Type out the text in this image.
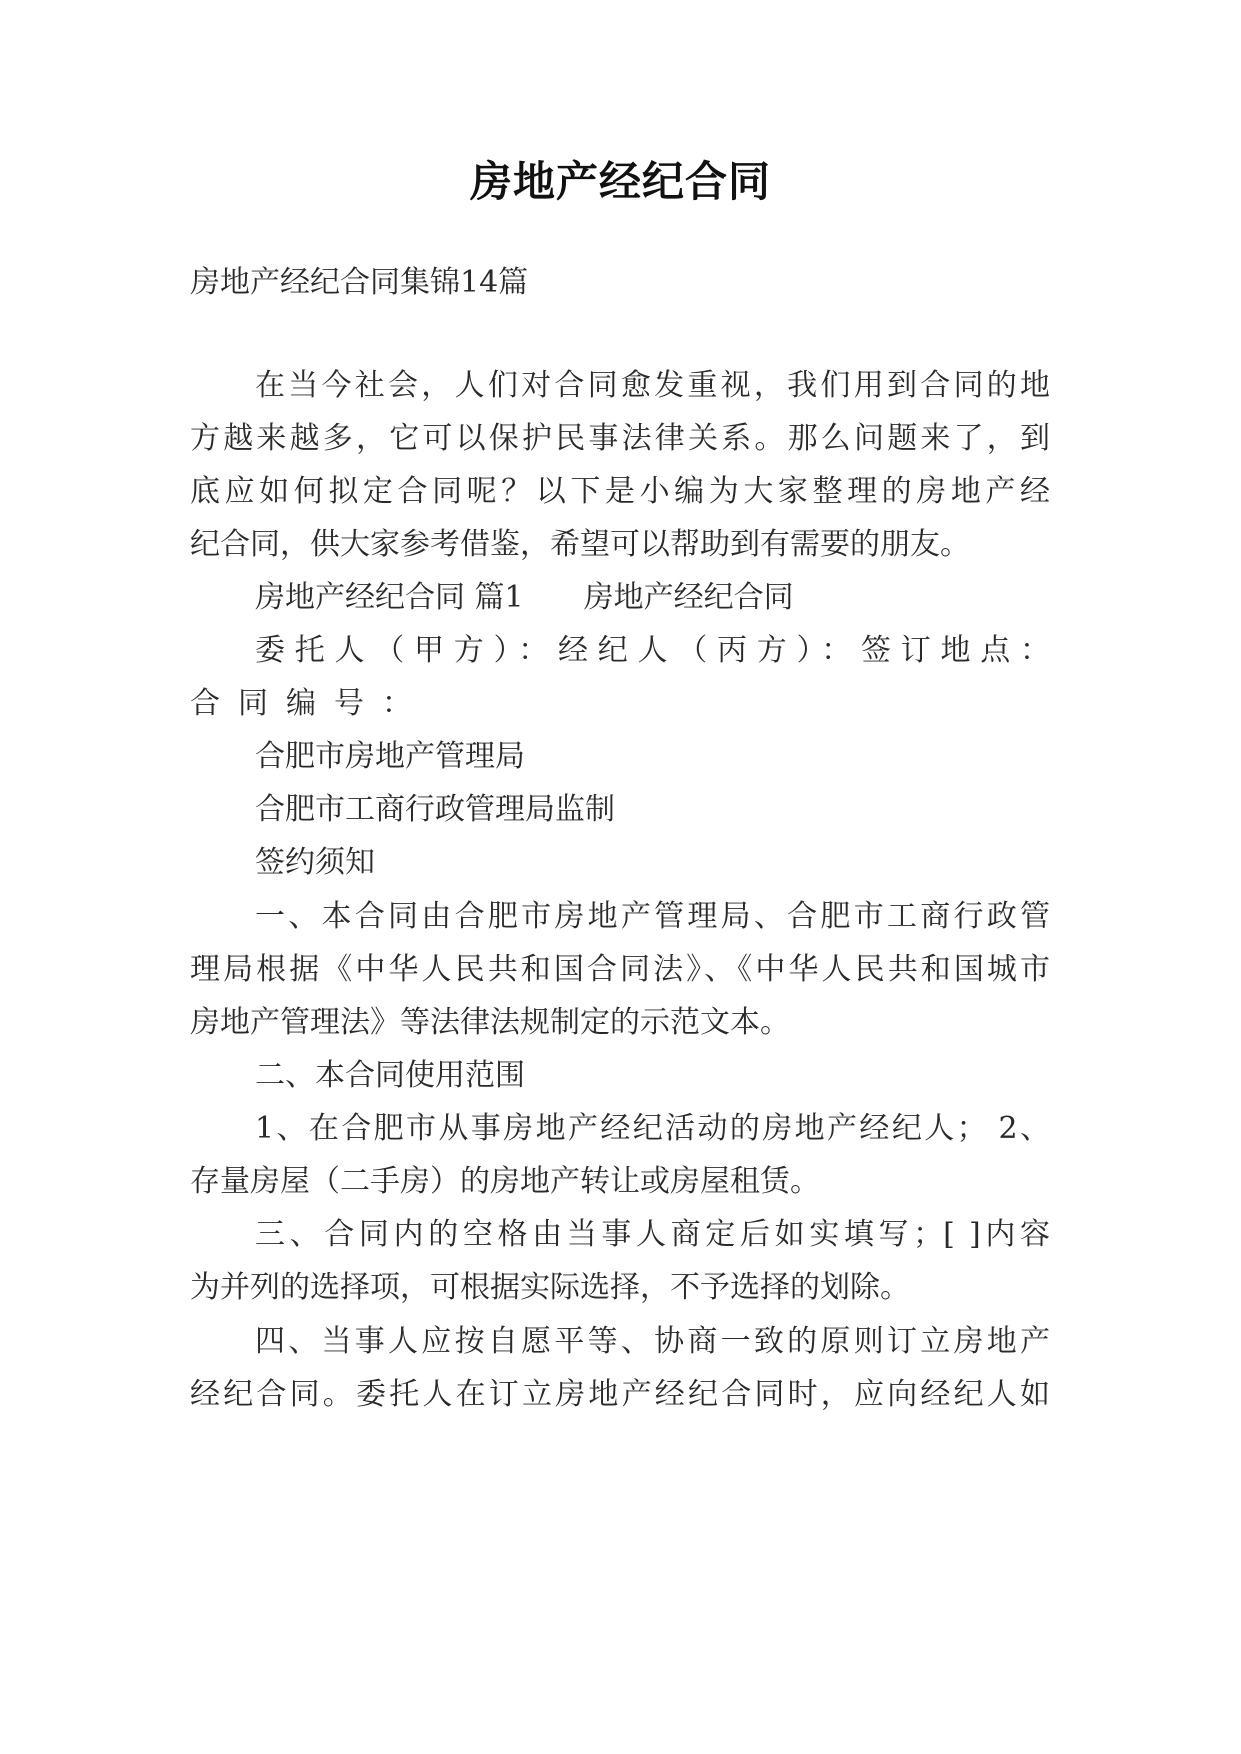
房地产经纪合同
房地产经纪合同集锦14篇
在当今社会，人们对合同愈发重视，我们用到合同的地
方越来越多，它可以保护民事法律关系。那么问题来了，到
底应如何拟定合同呢？以下是小编为大家整理的房地产经
纪合同，供大家参考借鉴，希望可以帮助到有需要的朋友。
房地产经纪合同 篇1 房地产经纪合同
委托人（甲方）：经纪人（丙方）：签订地点：
合同编号：
合肥市房地产管理局
合肥市工商行政管理局监制
签约须知
一、本合同由合肥市房地产管理局、合肥市工商行政管
理局根据《中华人民共和国合同法》、《中华人民共和国城市
房地产管理法》等法律法规制定的示范文本。
二、本合同使用范围
1、在合肥市从事房地产经纪活动的房地产经纪人； 2、
存量房屋（二手房）的房地产转让或房屋租赁。
三、合同内的空格由当事人商定后如实填写；[ ]内容
为并列的选择项，可根据实际选择，不予选择的划除。
四、当事人应按自愿平等、协商一致的原则订立房地产
经纪合同。委托人在订立房地产经纪合同时，应向经纪人如
